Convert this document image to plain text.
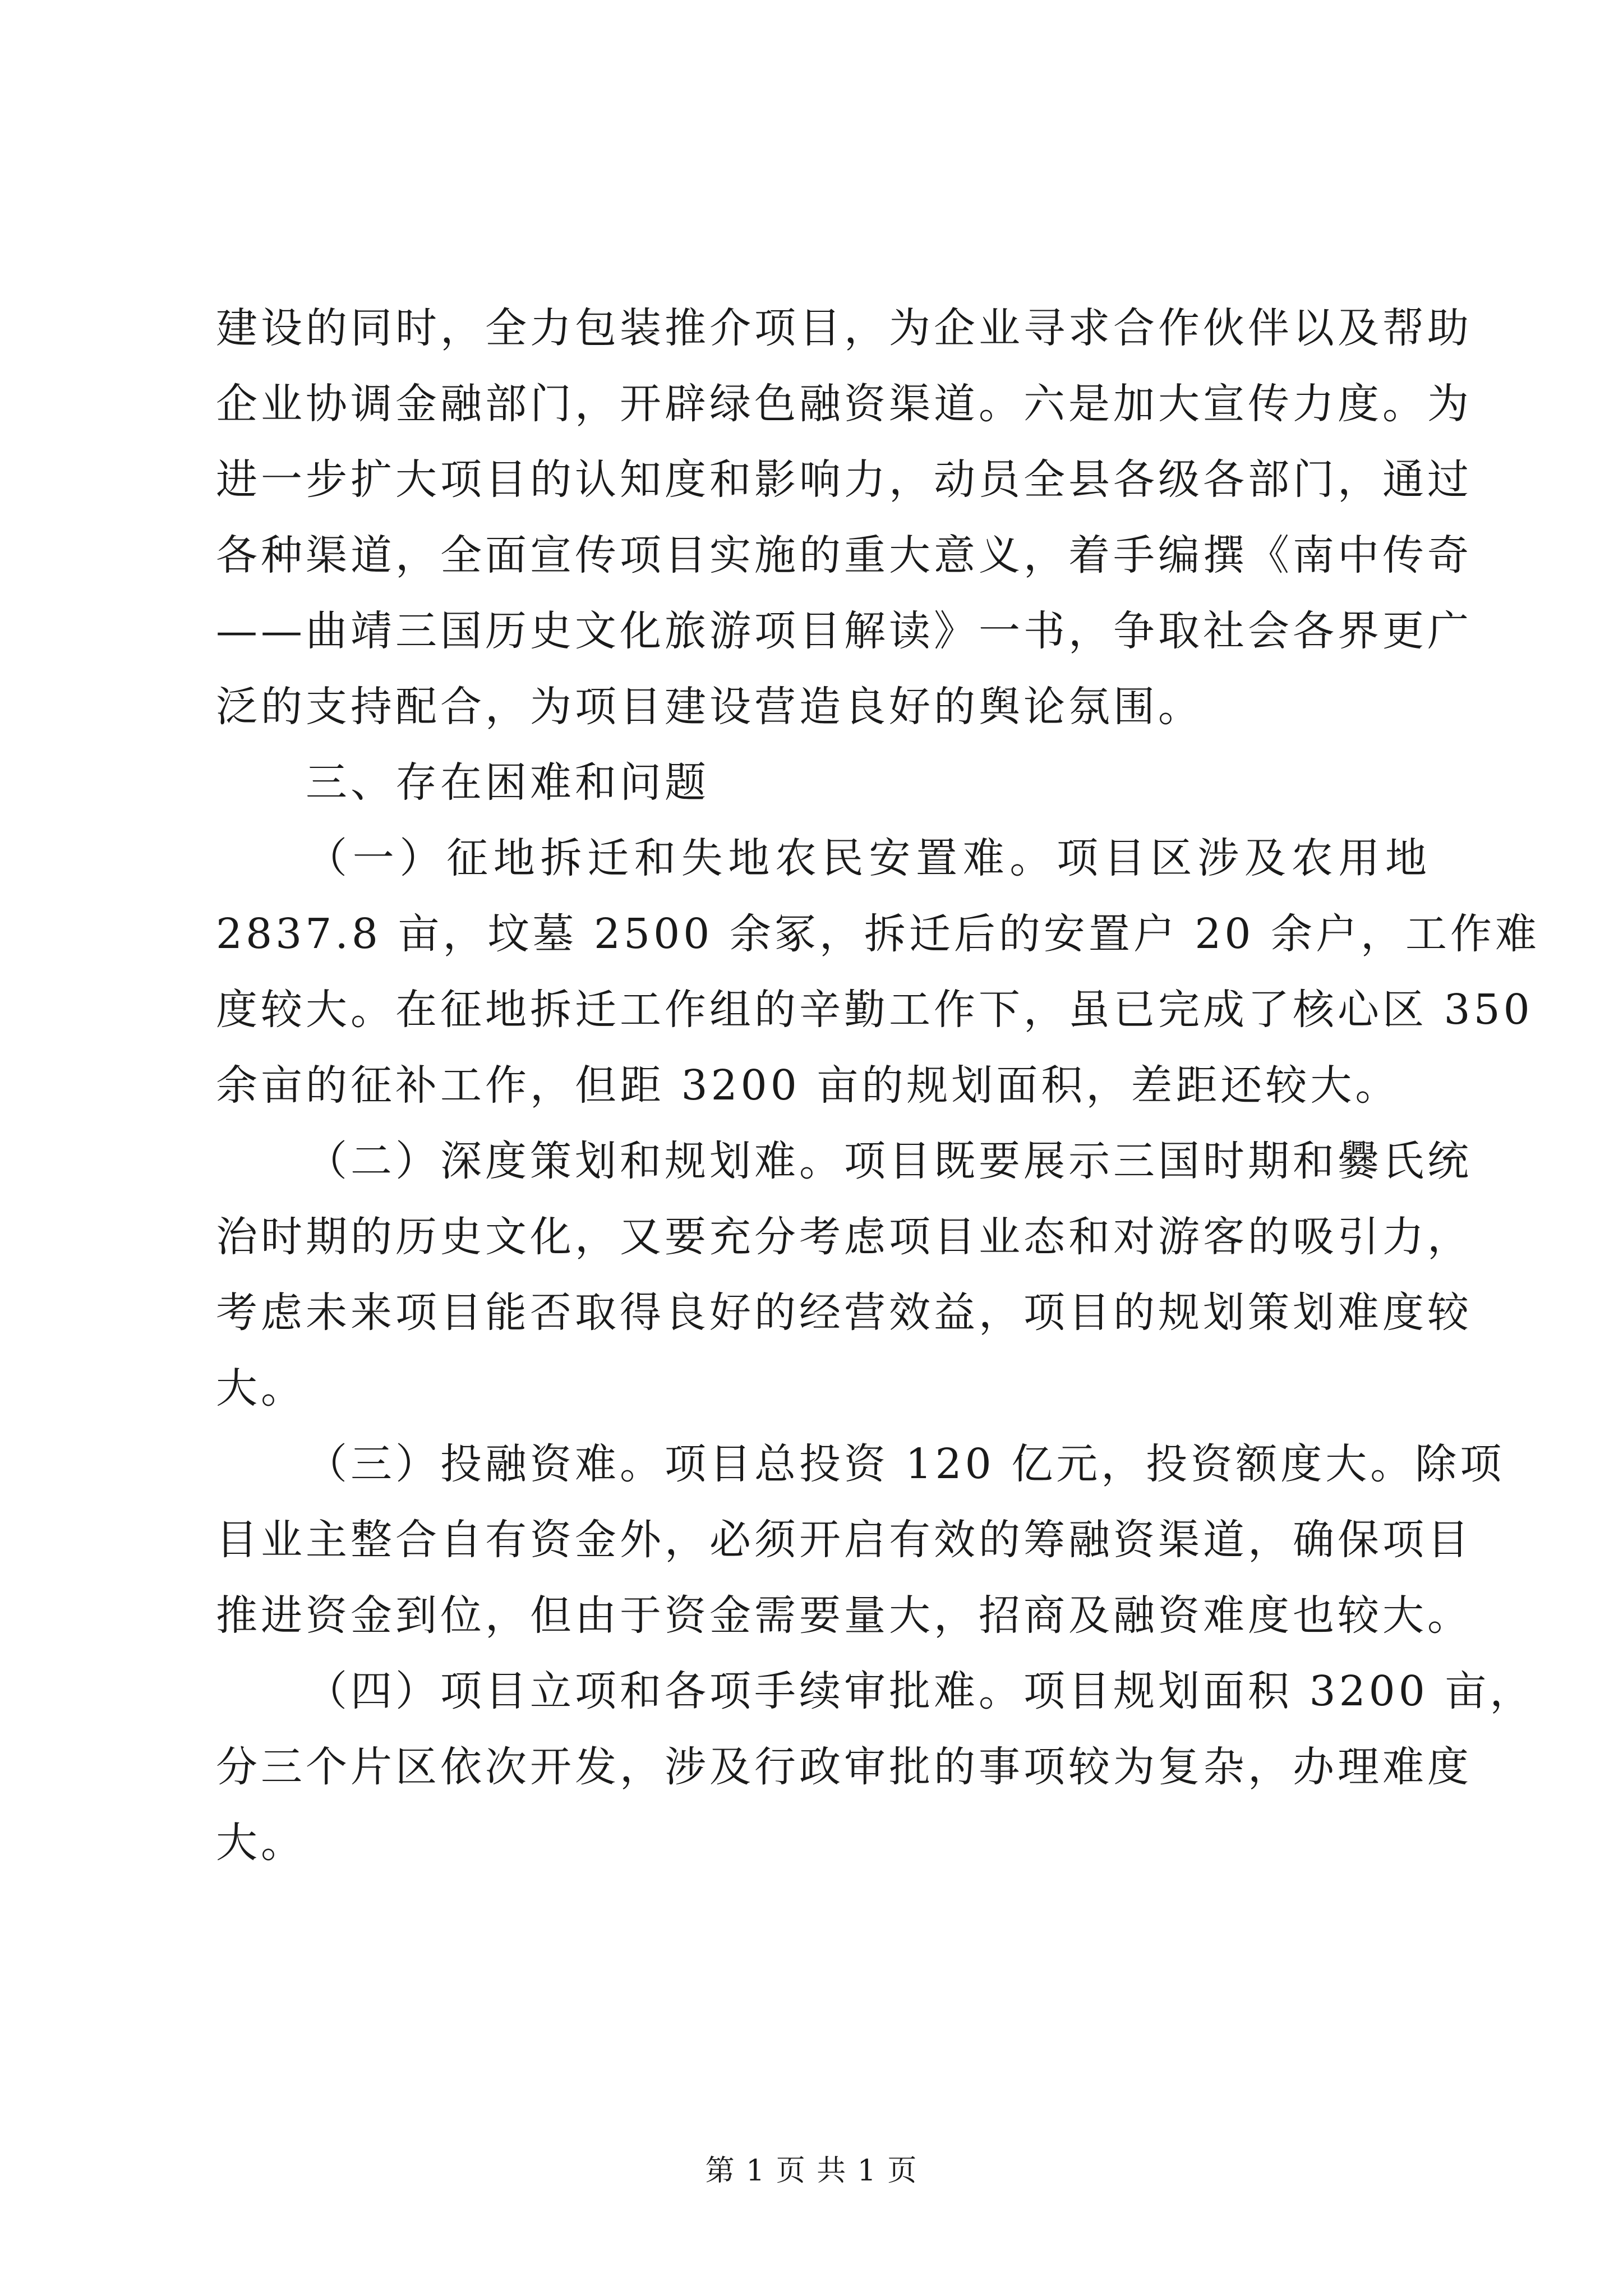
建设的同时，全力包装推介项目，为企业寻求合作伙伴以及帮助
企业协调金融部门，开辟绿色融资渠道。六是加大宣传力度。为
进一步扩大项目的认知度和影响力，动员全县各级各部门，通过
各种渠道，全面宣传项目实施的重大意义，着手编撰《南中传奇
——曲靖三国历史文化旅游项目解读》一书，争取社会各界更广
泛的支持配合，为项目建设营造良好的舆论氛围。
三、存在困难和问题
（一）征地拆迁和失地农民安置难。项目区涉及农用地
2837.8 亩，坟墓 2500 余冢，拆迁后的安置户 20 余户，工作难
度较大。在征地拆迁工作组的辛勤工作下，虽已完成了核心区 350
余亩的征补工作，但距 3200 亩的规划面积，差距还较大。
（二）深度策划和规划难。项目既要展示三国时期和爨氏统
治时期的历史文化，又要充分考虑项目业态和对游客的吸引力，
考虑未来项目能否取得良好的经营效益，项目的规划策划难度较
大。
（三）投融资难。项目总投资 120 亿元，投资额度大。除项
目业主整合自有资金外，必须开启有效的筹融资渠道，确保项目
推进资金到位，但由于资金需要量大，招商及融资难度也较大。
（四）项目立项和各项手续审批难。项目规划面积 3200 亩，
分三个片区依次开发，涉及行政审批的事项较为复杂，办理难度
大。
第 1 页 共 1 页
